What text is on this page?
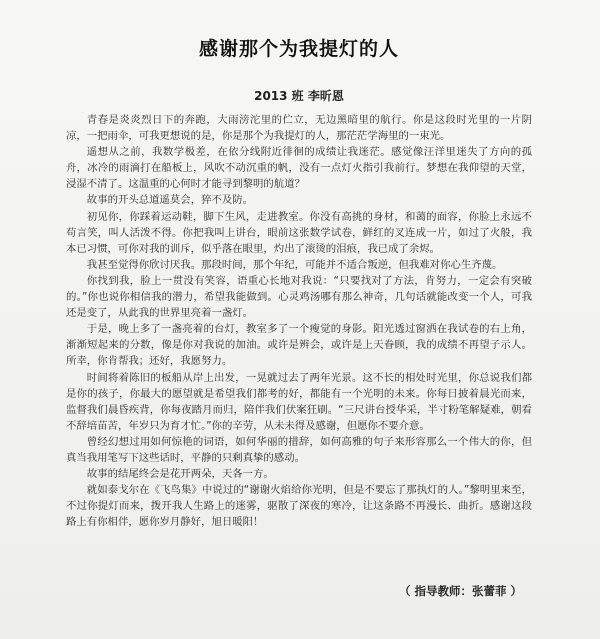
感谢那个为我提灯的人
2013 班 李昕恩

青春是炎炎烈日下的奔跑，大雨滂沱里的伫立，无边黑暗里的航行。你是这段时光里的一片阴凉，一把雨伞，可我更想说的是，你是那个为我提灯的人，那茫茫学海里的一束光。

遥想从之前，我数学极差，在依分线附近徘徊的成绩让我迷茫。感觉像汪洋里迷失了方向的孤舟，冰冷的雨滴打在船板上，风吹不动沉重的帆，没有一点灯火指引我前行。梦想在我仰望的天堂，浸湿不清了。这温重的心何时才能寻到黎明的航道？

故事的开头总道遥莫会，猝不及防。

初见你，你踩着运动鞋，脚下生风，走进教室。你没有高挑的身材，和蔼的面容，你脸上永远不苟言笑，叫人活泼不得。你把我叫上讲台，眼前这张数学试卷，鲜红的叉连成一片，如过了火般，我本已习惯，可你对我的训斥，似乎落在眼里，灼出了滚烫的泪痕，我已成了余烬。

我甚至觉得你欣讨厌我。那段时间，那个年纪，可能并不适合叛逆，但我难对你心生齐蔑。

你找到我，脸上一贯没有笑容，语重心长地对我说：“只要找对了方法，肯努力，一定会有突破的。”你也说你相信我的潜力，希望我能做到。心灵鸡汤哪有那么神奇，几句话就能改变一个人，可我还是变了，从此我的世界里亮着一盏灯。

于是，晚上多了一盏亮着的台灯，教室多了一个瘦觉的身影。阳光透过窗洒在我试卷的右上角，渐渐短起来的分数，像是你对我说的加油。或许是辨会，或许是上天眷顾，我的成绩不再望子示人。所幸，你肯帮我；还好，我愿努力。

时间将着陈旧的板船从岸上出发，一晃就过去了两年光景。这不长的相处时光里，你总说我们都是你的孩子，你最大的愿望就是希望我们都考的好，都能有一个光明的未来。你每日披着晨光而来，监督我们晨昏疾背，你每夜踏月而归，陪伴我们伏案狂刷。“三尺讲台授华采，半寸粉笔解疑难，朝看不辞培苗苦，年岁只为育才忙。”你的辛劳，从未未得及感谢，但愿你不要介意。

曾经幻想过用如何惊艳的词语，如何华丽的措辞，如何高雅的句子来形容那么一个伟大的你，但真当我用笔写下这些话时，平静的只剩真挚的感动。

故事的结尾终会是花开两朵，天各一方。

就如泰戈尔在《飞鸟集》中说过的“谢谢火焰给你光明，但是不要忘了那执灯的人。”黎明里来至，不过你提灯而来，拨开我人生路上的迷雾，驱散了深夜的寒冷，让这条路不再漫长、曲折。感谢这段路上有你相伴，愿你岁月静好，旭日暖阳！

（ 指导教师：张蕾菲 ）
